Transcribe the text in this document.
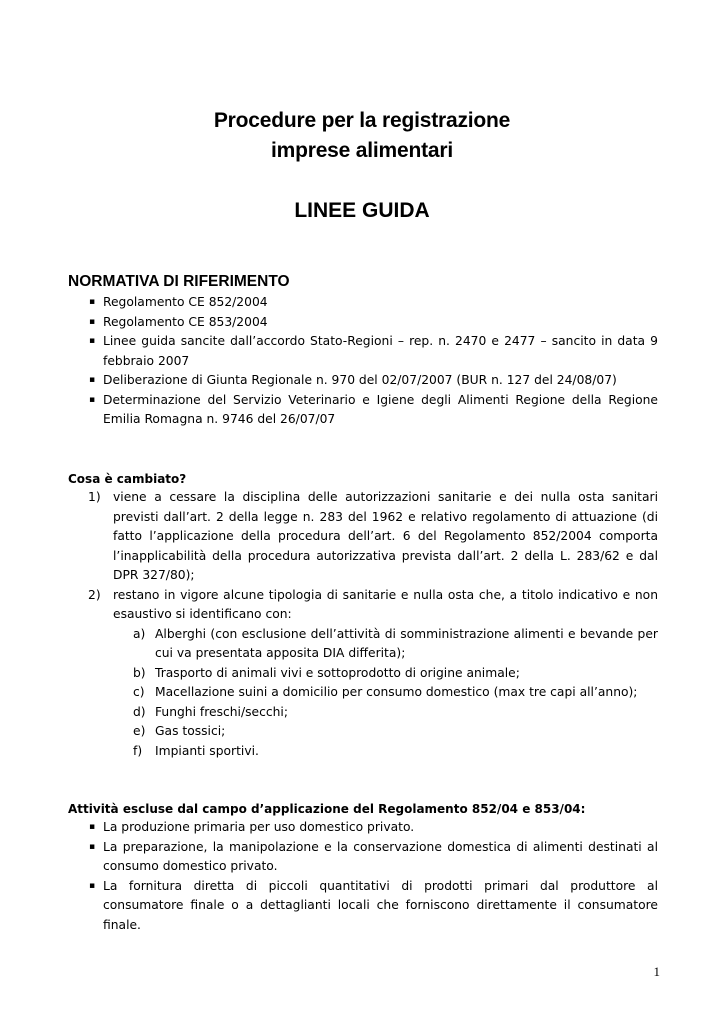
Procedure per la registrazione
imprese alimentari
LINEE GUIDA
NORMATIVA DI RIFERIMENTO
▪ Regolamento CE 852/2004
▪ Regolamento CE 853/2004
▪ Linee guida sancite dall’accordo Stato-Regioni – rep. n. 2470 e 2477 – sancito in data 9 febbraio 2007
▪ Deliberazione di Giunta Regionale n. 970 del 02/07/2007 (BUR n. 127 del 24/08/07)
▪ Determinazione del Servizio Veterinario e Igiene degli Alimenti Regione della Regione Emilia Romagna n. 9746 del 26/07/07
Cosa è cambiato?
1) viene a cessare la disciplina delle autorizzazioni sanitarie e dei nulla osta sanitari previsti dall’art. 2 della legge n. 283 del 1962 e relativo regolamento di attuazione (di fatto l’applicazione della procedura dell’art. 6 del Regolamento 852/2004 comporta l’inapplicabilità della procedura autorizzativa prevista dall’art. 2 della L. 283/62 e dal DPR 327/80);
2) restano in vigore alcune tipologia di sanitarie e nulla osta che, a titolo indicativo e non esaustivo si identificano con:
a) Alberghi (con esclusione dell’attività di somministrazione alimenti e bevande per cui va presentata apposita DIA differita);
b) Trasporto di animali vivi e sottoprodotto di origine animale;
c) Macellazione suini a domicilio per consumo domestico (max tre capi all’anno);
d) Funghi freschi/secchi;
e) Gas tossici;
f) Impianti sportivi.
Attività escluse dal campo d’applicazione del Regolamento 852/04 e 853/04:
▪ La produzione primaria per uso domestico privato.
▪ La preparazione, la manipolazione e la conservazione domestica di alimenti destinati al consumo domestico privato.
▪ La fornitura diretta di piccoli quantitativi di prodotti primari dal produttore al consumatore finale o a dettaglianti locali che forniscono direttamente il consumatore finale.
1
